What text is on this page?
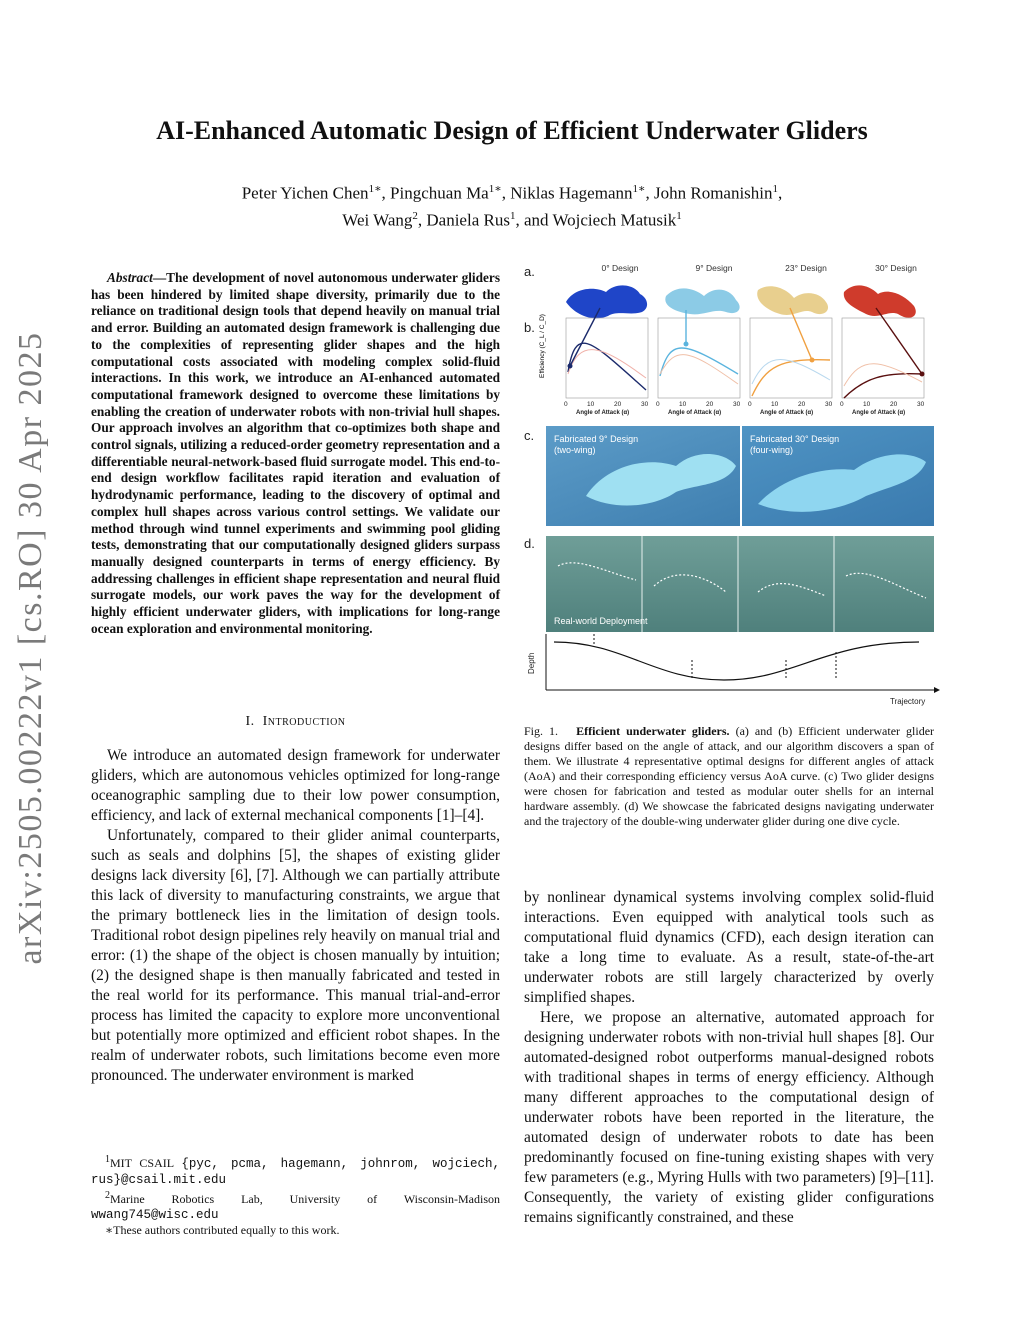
arXiv:2505.00222v1 [cs.RO] 30 Apr 2025
AI-Enhanced Automatic Design of Efficient Underwater Gliders
Peter Yichen Chen$^{1∗}$, Pingchuan $Ma^{1∗}$, Niklas Hagemann$^{1∗}$, John Romanishin$^1$,
Wei Wang$^2$, Daniela Rus$^1$, and Wojciech Matusik$^1$
Abstract—The development of novel autonomous underwater gliders has been hindered by limited shape diversity, primarily due to the reliance on traditional design tools that depend heavily on manual trial and error. Building an automated design framework is challenging due to the complexities of representing glider shapes and the high computational costs associated with modeling complex solid-fluid interactions. In this work, we introduce an AI-enhanced automated computational framework designed to overcome these limitations by enabling the creation of underwater robots with non-trivial hull shapes. Our approach involves an algorithm that co-optimizes both shape and control signals, utilizing a reduced-order geometry representation and a differentiable neural-network-based fluid surrogate model. This end-to-end design workflow facilitates rapid iteration and evaluation of hydrodynamic performance, leading to the discovery of optimal and complex hull shapes across various control settings. We validate our method through wind tunnel experiments and swimming pool gliding tests, demonstrating that our computationally designed gliders surpass manually designed counterparts in terms of energy efficiency. By addressing challenges in efficient shape representation and neural fluid surrogate models, our work paves the way for the development of highly efficient underwater gliders, with implications for long-range ocean exploration and environmental monitoring.
I. Introduction

We introduce an automated design framework for underwater gliders, which are autonomous vehicles optimized for long-range oceanographic sampling due to their low power consumption, efficiency, and lack of external mechanical components [1]–[4].

Unfortunately, compared to their glider animal counterparts, such as seals and dolphins [5], the shapes of existing glider designs lack diversity [6], [7]. Although we can partially attribute this lack of diversity to manufacturing constraints, we argue that the primary bottleneck lies in the limitation of design tools. Traditional robot design pipelines rely heavily on manual trial and error: (1) the shape of the object is chosen manually by intuition; (2) the designed shape is then manually fabricated and tested in the real world for its performance. This manual trial-and-error process has limited the capacity to explore more unconventional but potentially more optimized and efficient robot shapes. In the realm of underwater robots, such limitations become even more pronounced. The underwater environment is marked

$^1$MIT CSAIL {pyc, pcma, hagemann, johnrom, wojciech, rus}@csail.mit.edu

$^2$Marine Robotics Lab, University of Wisconsin-Madison wwang745@wisc.edu

∗These authors contributed equally to this work.

by nonlinear dynamical systems involving complex solid-fluid interactions. Even equipped with analytical tools such as computational fluid dynamics (CFD), each design iteration can take a long time to evaluate. As a result, state-of-the-art underwater robots are still largely characterized by overly simplified shapes.

Here, we propose an alternative, automated approach for designing underwater robots with non-trivial hull shapes [8]. Our automated-designed robot outperforms manual-designed robots with traditional shapes in terms of energy efficiency. Although many different approaches to the computational design of underwater robots have been reported in the literature, the automated design of underwater robots to date has been predominantly focused on fine-tuning existing shapes with very few parameters (e.g., Myring Hulls with two parameters) [9]–[11]. Consequently, the variety of existing glider configurations remains significantly constrained, and these

a.
b.
c.
d.
0° Design	9° Design	23° Design	30° Design
Efficiency (C_L / C_D)
0	10	20	30 0	10	20	30 0	10	20	30 0	10	20	30
Angle of Attack (α)	Angle of Attack (α)	Angle of Attack (α)	Angle of Attack (α)
Fabricated 9° Design
(two-wing)
Fabricated 30° Design
(four-wing)
Real-world Deployment
Depth
Trajectory
Fig. 1. Efficient underwater gliders. (a) and (b) Efficient underwater glider designs differ based on the angle of attack, and our algorithm discovers a span of them. We illustrate 4 representative optimal designs for different angles of attack (AoA) and their corresponding efficiency versus AoA curve. (c) Two glider designs were chosen for fabrication and tested as modular outer shells for an internal hardware assembly. (d) We showcase the fabricated designs navigating underwater and the trajectory of the double-wing underwater glider during one dive cycle.
